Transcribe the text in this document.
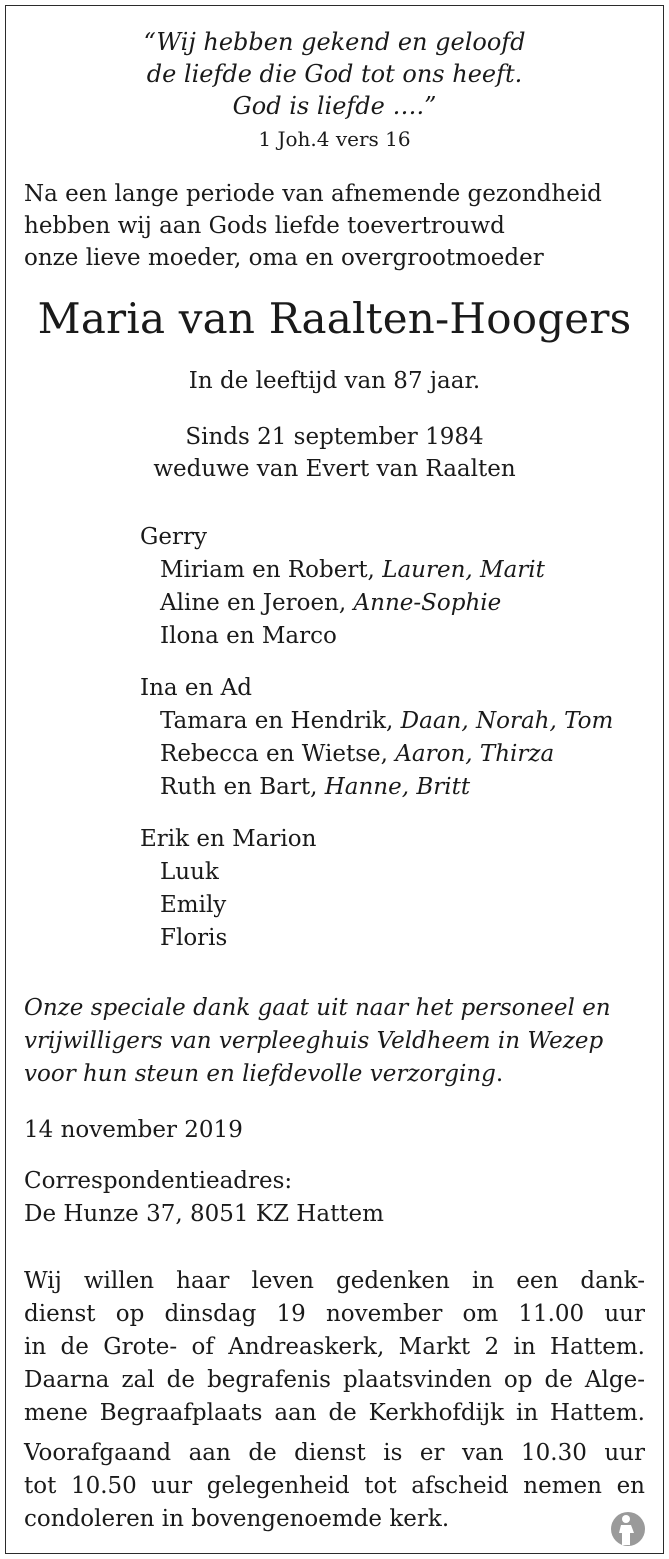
“Wij hebben gekend en geloofd
de liefde die God tot ons heeft.
God is liefde ….”
1 Joh.4 vers 16
Na een lange periode van afnemende gezondheid
hebben wij aan Gods liefde toevertrouwd
onze lieve moeder, oma en overgrootmoeder
Maria van Raalten-Hoogers
In de leeftijd van 87 jaar.
Sinds 21 september 1984
weduwe van Evert van Raalten
Gerry
Miriam en Robert, Lauren, Marit
Aline en Jeroen, Anne-Sophie
Ilona en Marco
Ina en Ad
Tamara en Hendrik, Daan, Norah, Tom
Rebecca en Wietse, Aaron, Thirza
Ruth en Bart, Hanne, Britt
Erik en Marion
Luuk
Emily
Floris
Onze speciale dank gaat uit naar het personeel en
vrijwilligers van verpleeghuis Veldheem in Wezep
voor hun steun en liefdevolle verzorging.
14 november 2019
Correspondentieadres:
De Hunze 37, 8051 KZ Hattem
Wij willen haar leven gedenken in een dank-
dienst op dinsdag 19 november om 11.00 uur
in de Grote- of Andreaskerk, Markt 2 in Hattem.
Daarna zal de begrafenis plaatsvinden op de Alge-
mene Begraafplaats aan de Kerkhofdijk in Hattem.
Voorafgaand aan de dienst is er van 10.30 uur
tot 10.50 uur gelegenheid tot afscheid nemen en
condoleren in bovengenoemde kerk.
